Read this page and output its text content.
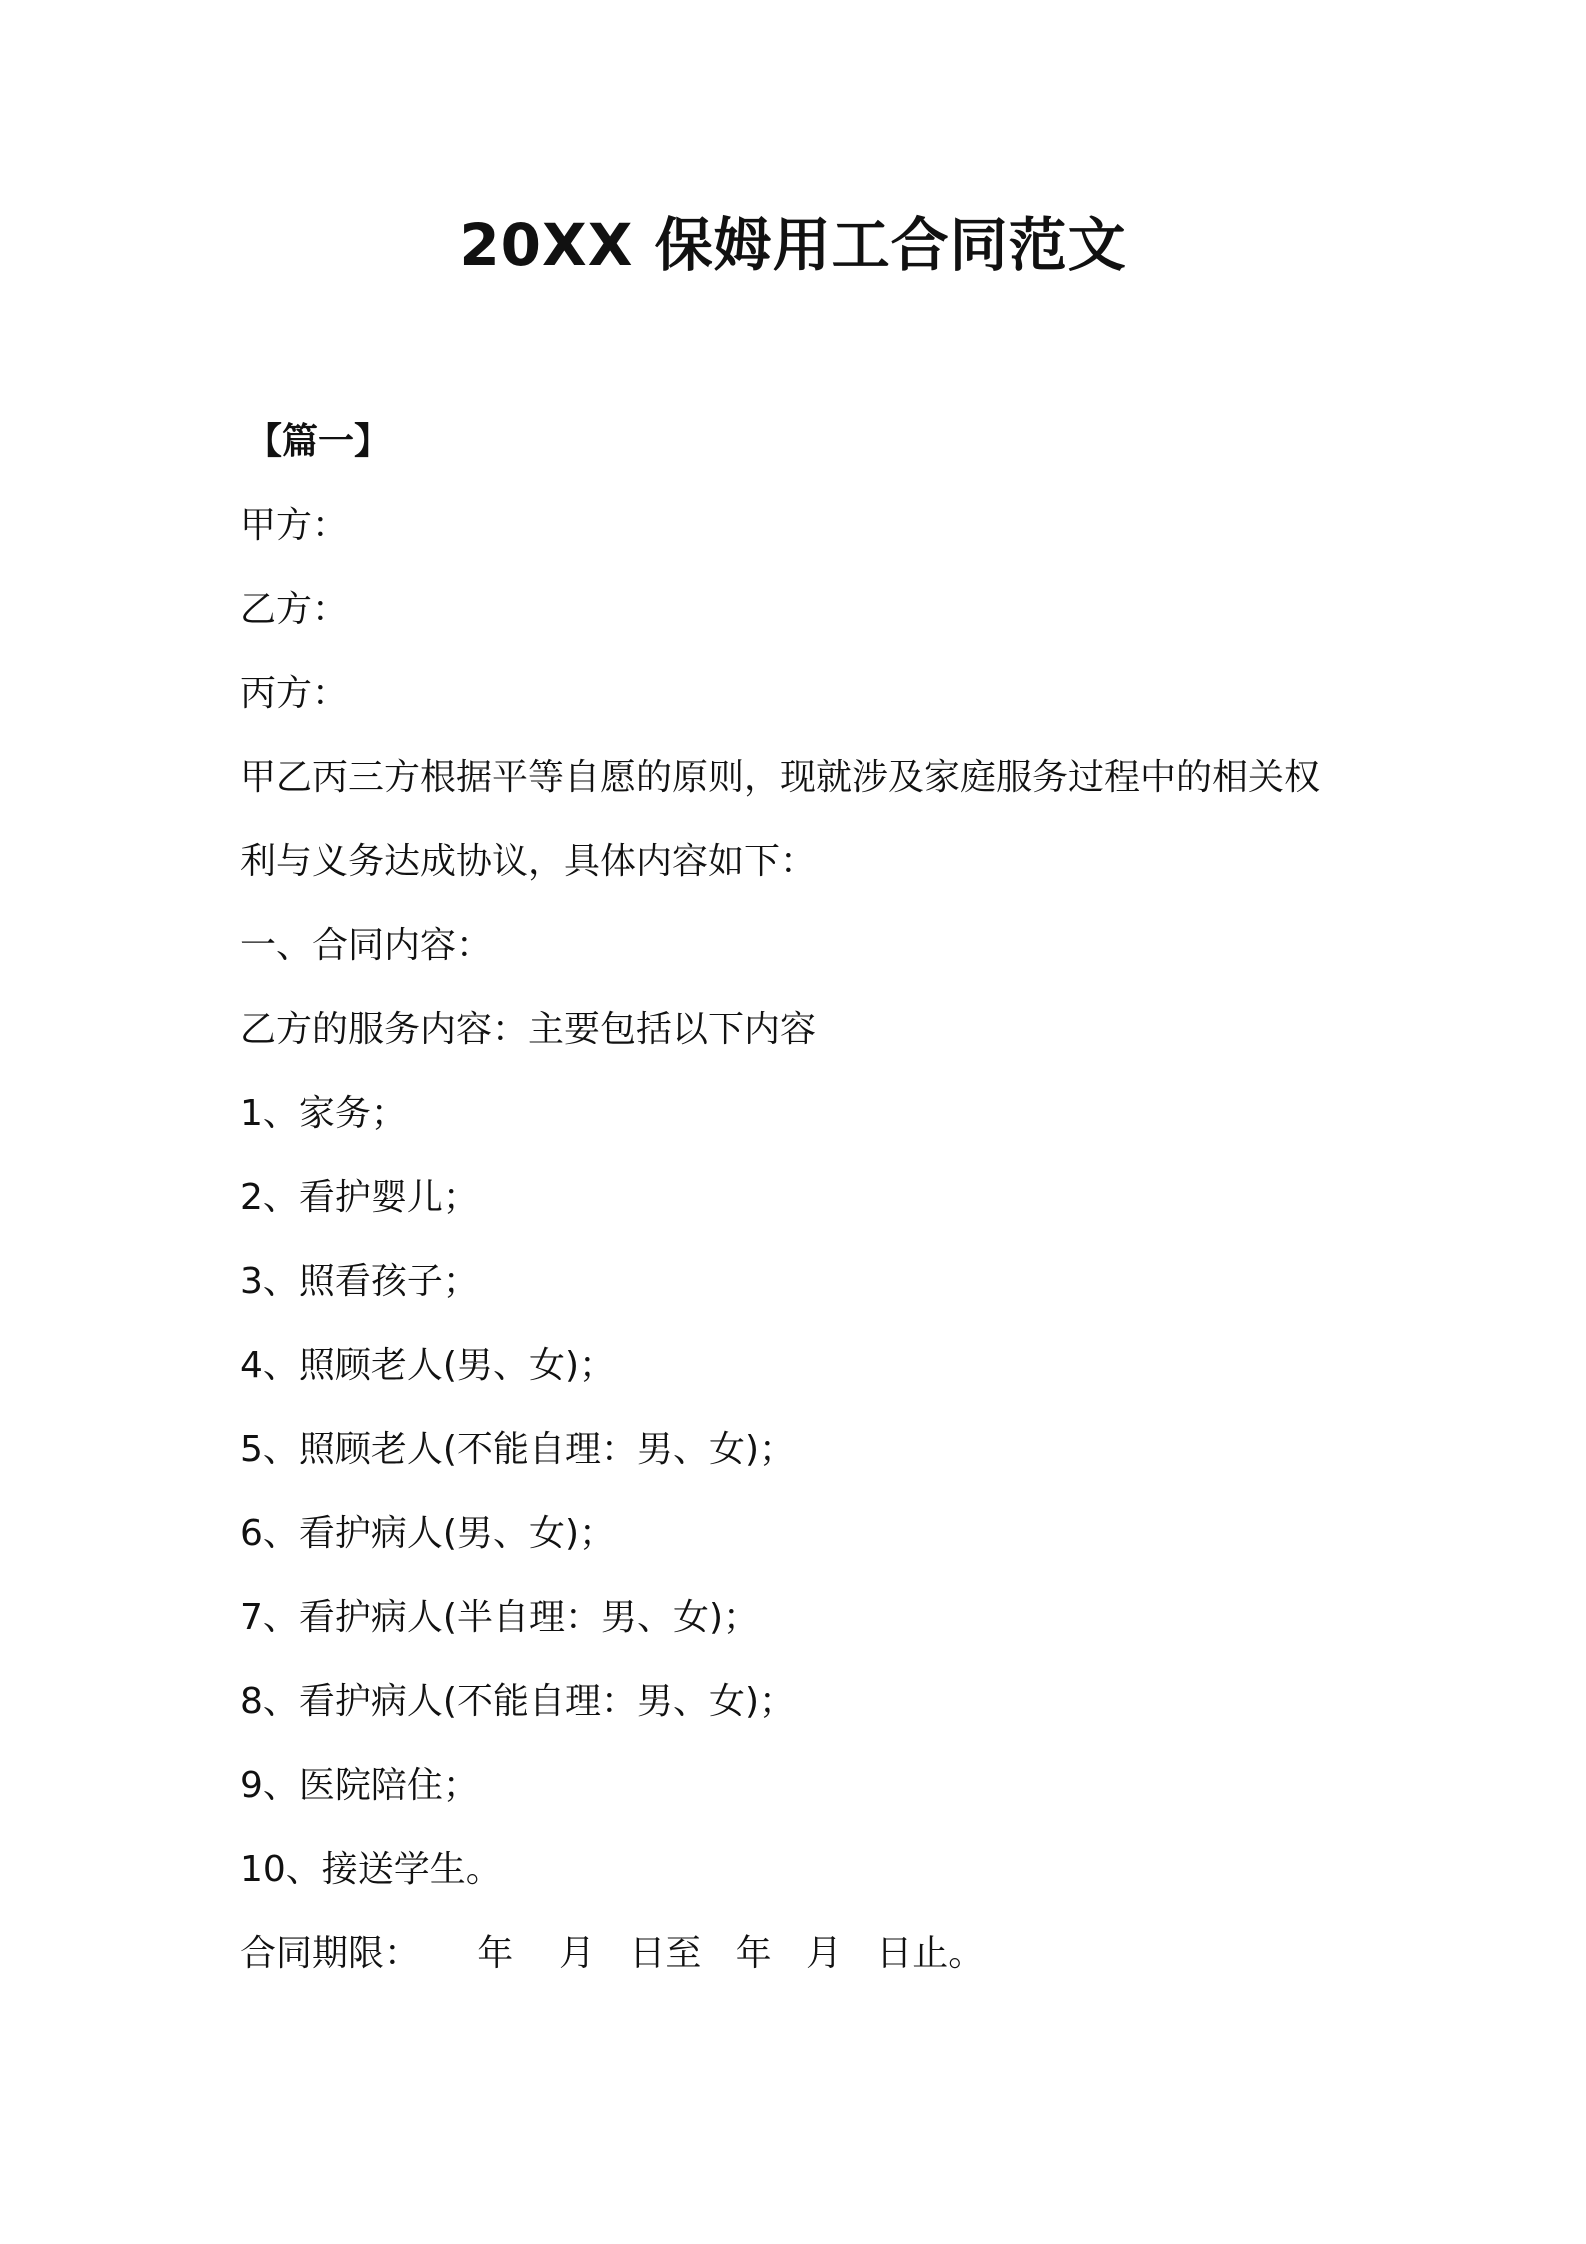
20XX 保姆用工合同范文

【篇一】

甲方：

乙方：

丙方：

甲乙丙三方根据平等自愿的原则，现就涉及家庭服务过程中的相关权

利与义务达成协议，具体内容如下：

一、合同内容：

乙方的服务内容：主要包括以下内容

1、家务；

2、看护婴儿；

3、照看孩子；

4、照顾老人(男、女)；

5、照顾老人(不能自理：男、女)；

6、看护病人(男、女)；

7、看护病人(半自理：男、女)；

8、看护病人(不能自理：男、女)；

9、医院陪住；

10、接送学生。

合同期限：     年    月   日至   年   月   日止。
